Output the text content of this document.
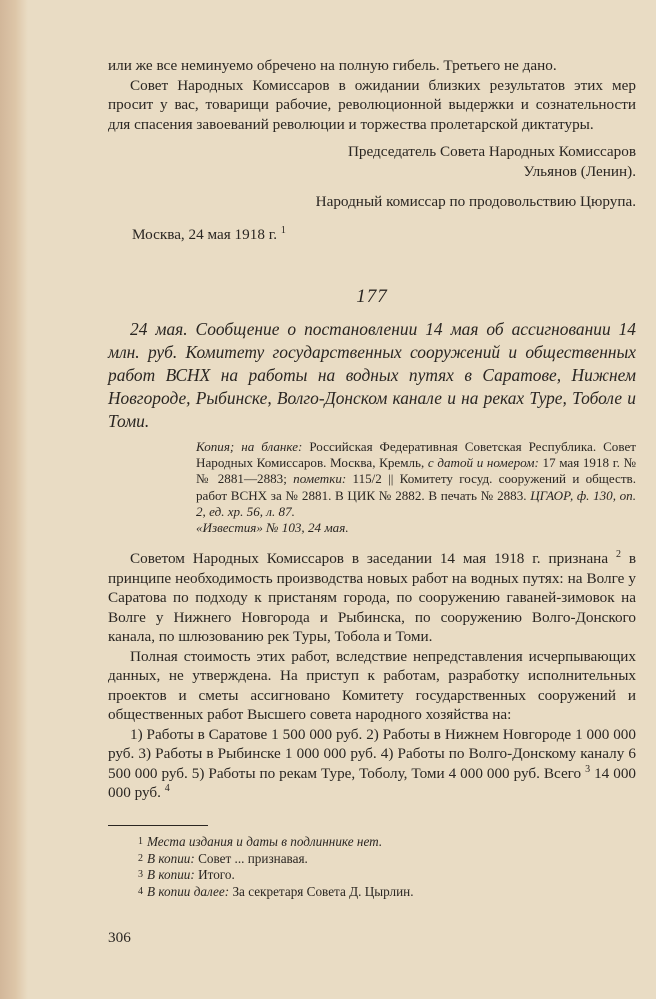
или же все неминуемо обречено на полную гибель. Третьего не дано.

Совет Народных Комиссаров в ожидании близких результатов этих мер просит у вас, товарищи рабочие, революционной выдержки и сознательности для спасения завоеваний революции и торжества пролетарской диктатуры.

Председатель Совета Народных Комиссаров

Ульянов (Ленин).

Народный комиссар по продовольствию Цюрупа.

Москва, 24 мая 1918 г. $^1$

177

24 мая. Сообщение о постановлении 14 мая об ассигновании 14 млн. руб. Комитету государственных сооружений и общественных работ ВСНХ на работы на водных путях в Саратове, Нижнем Новгороде, Рыбинске, Волго-Донском канале и на реках Туре, Тоболе и Томи.

Копия; на бланке: Российская Федеративная Советская Республика. Совет Народных Комиссаров. Москва, Кремль, с датой и номером: 17 мая 1918 г. №№ 2881—2883; пометки: 115/2 || Комитету госуд. сооружений и обществ. работ ВСНХ за № 2881. В ЦИК № 2882. В печать № 2883. ЦГАОР, ф. 130, оп. 2, ед. хр. 56, л. 87.
«Известия» № 103, 24 мая.

Советом Народных Комиссаров в заседании 14 мая 1918 г. признана $^2$ в принципе необходимость производства новых работ на водных путях: на Волге у Саратова по подходу к пристаням города, по сооружению гаваней-зимовок на Волге у Нижнего Новгорода и Рыбинска, по сооружению Волго-Донского канала, по шлюзованию рек Туры, Тобола и Томи.

Полная стоимость этих работ, вследствие непредставления исчерпывающих данных, не утверждена. На приступ к работам, разработку исполнительных проектов и сметы ассигновано Комитету государственных сооружений и общественных работ Высшего совета народного хозяйства на:

1) Работы в Саратове 1 500 000 руб. 2) Работы в Нижнем Новгороде 1 000 000 руб. 3) Работы в Рыбинске 1 000 000 руб. 4) Работы по Волго-Донскому каналу 6 500 000 руб. 5) Работы по рекам Туре, Тоболу, Томи 4 000 000 руб. Всего $^3$ 14 000 000 руб. $^4$

$^1$ Места издания и даты в подлиннике нет.

$^2$ В копии: Совет ... признавая.

$^3$ В копии: Итого.

$^4$ В копии далее: За секретаря Совета Д. Цырлин.

306
